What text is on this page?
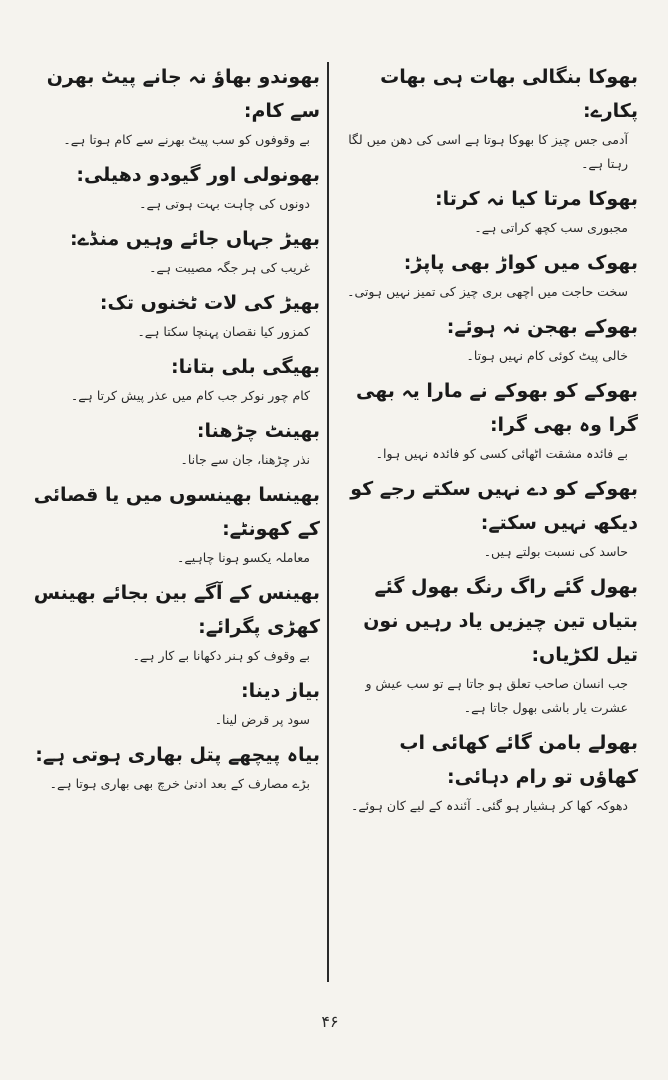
بھوکا بنگالی بھات ہی بھات پکارے:

آدمی جس چیز کا بھوکا ہوتا ہے اسی کی دھن میں لگا رہتا ہے۔

بھوکا مرتا کیا نہ کرتا:

مجبوری سب کچھ کراتی ہے۔

بھوک میں کواڑ بھی پاپڑ:

سخت حاجت میں اچھی بری چیز کی تمیز نہیں ہوتی۔

بھوکے بھجن نہ ہوئے:

خالی پیٹ کوئی کام نہیں ہوتا۔

بھوکے کو بھوکے نے مارا یہ بھی گرا وہ بھی گرا:

بے فائدہ مشقت اٹھائی کسی کو فائدہ نہیں ہوا۔

بھوکے کو دے نہیں سکتے رجے کو دیکھ نہیں سکتے:

حاسد کی نسبت بولتے ہیں۔

بھول گئے راگ رنگ بھول گئے بتیاں تین چیزیں یاد رہیں نون تیل لکڑیاں:

جب انسان صاحب تعلق ہو جاتا ہے تو سب عیش و عشرت یار باشی بھول جاتا ہے۔

بھولے بامن گائے کھائی اب کھاؤں تو رام دہائی:

دھوکہ کھا کر ہشیار ہو گئی۔ آئندہ کے لیے کان ہوئے۔

بھوندو بھاؤ نہ جانے پیٹ بھرن سے کام:

بے وقوفوں کو سب پیٹ بھرنے سے کام ہوتا ہے۔

بھونولی اور گیودو دھیلی:

دونوں کی چاہت بہت ہوتی ہے۔

بھیڑ جہاں جائے وہیں منڈے:

غریب کی ہر جگہ مصیبت ہے۔

بھیڑ کی لات ٹخنوں تک:

کمزور کیا نقصان پہنچا سکتا ہے۔

بھیگی بلی بتانا:

کام چور نوکر جب کام میں عذر پیش کرتا ہے۔

بھینٹ چڑھنا:

نذر چڑھنا، جان سے جانا۔

بھینسا بھینسوں میں یا قصائی کے کھونٹے:

معاملہ یکسو ہونا چاہیے۔

بھینس کے آگے بین بجائے بھینس کھڑی پگرائے:

بے وقوف کو ہنر دکھانا بے کار ہے۔

بیاز دینا:

سود پر قرض لینا۔

بیاہ پیچھے پتل بھاری ہوتی ہے:

بڑے مصارف کے بعد ادنیٰ خرچ بھی بھاری ہوتا ہے۔

۴۶
